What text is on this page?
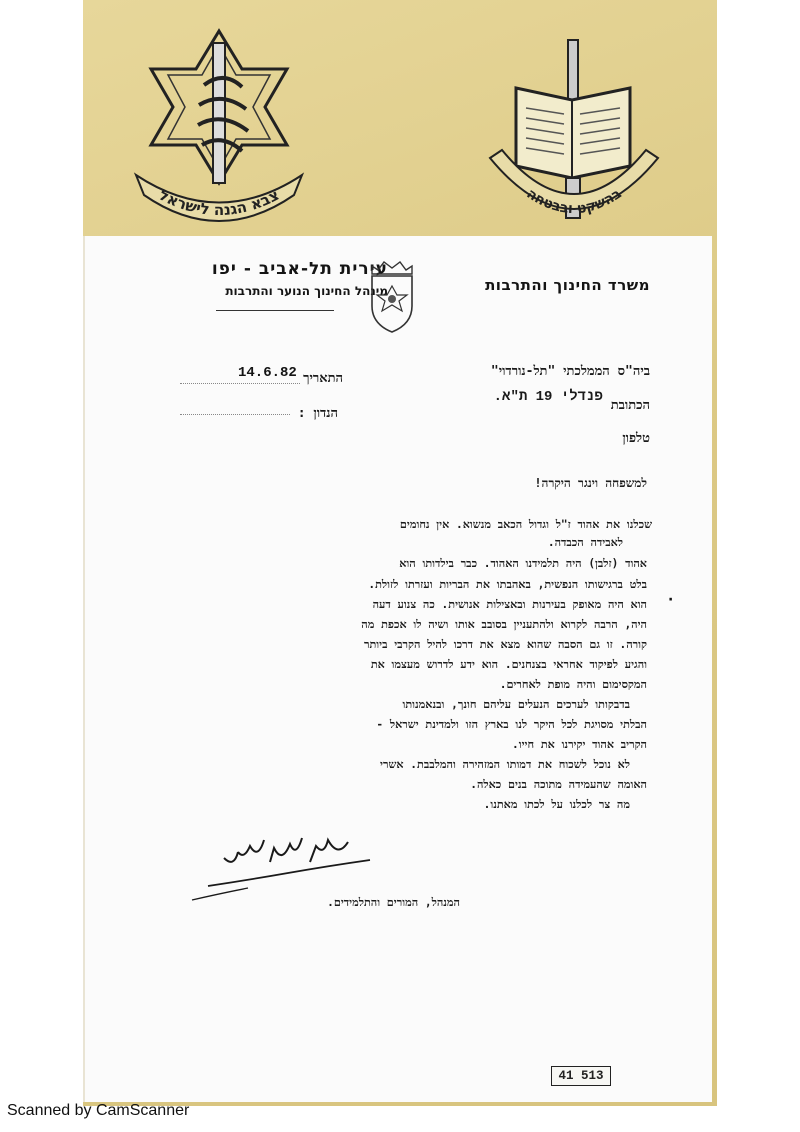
צבא הגנה לישראל	בהשקט ובבטחה
עירית תל-אביב - יפו
מינהל החינוך הנוער והתרבות	משרד החינוך והתרבות
ביה"ס הממלכתי "תל-נורדוי"
הכתובת פנדלי 19 ת"א.
טלפון
התאריך
14.6.82
הנדון :
למשפחה וינגר היקרה!
שכלנו את אהוד ז"ל וגדול הכאב מנשוא. אין נחומים
לאבידה הכבדה.
אהוד (זלבן) היה תלמידנו האהוד. כבר בילדותו הוא
בלט ברגישותו הנפשית, באהבתו את הבריות ועזרתו לזולת.
הוא היה מאופק בעירנות ובאצילות אנושית. כה צנוע דעה
היה, הרבה לקרוא ולהתעניין בסובב אותו ושיה לו אכפת מה
קורה. זו גם הסבה שהוא מצא את דרכו להיל הקרבי ביותר
והגיע לפיקוד אחראי בצנחנים. הוא ידע לדרוש מעצמו את
המקסימום והיה מופת לאחרים.
בדבקותו לערכים הנעלים עליהם חונך, ובנאמנותו
הבלתי מסויגת לכל היקר לנו בארץ הזו ולמדינת ישראל -
הקריב אהוד יקירנו את חייו.
לא נוכל לשכוח את דמותו המזהירה והמלבבת. אשרי
האומה שהעמידה מתוכה בנים כאלה.
מה צר לכלנו על לכתו מאתנו.
·
המנהל, המורים והתלמידים.
41 513
Scanned by CamScanner
